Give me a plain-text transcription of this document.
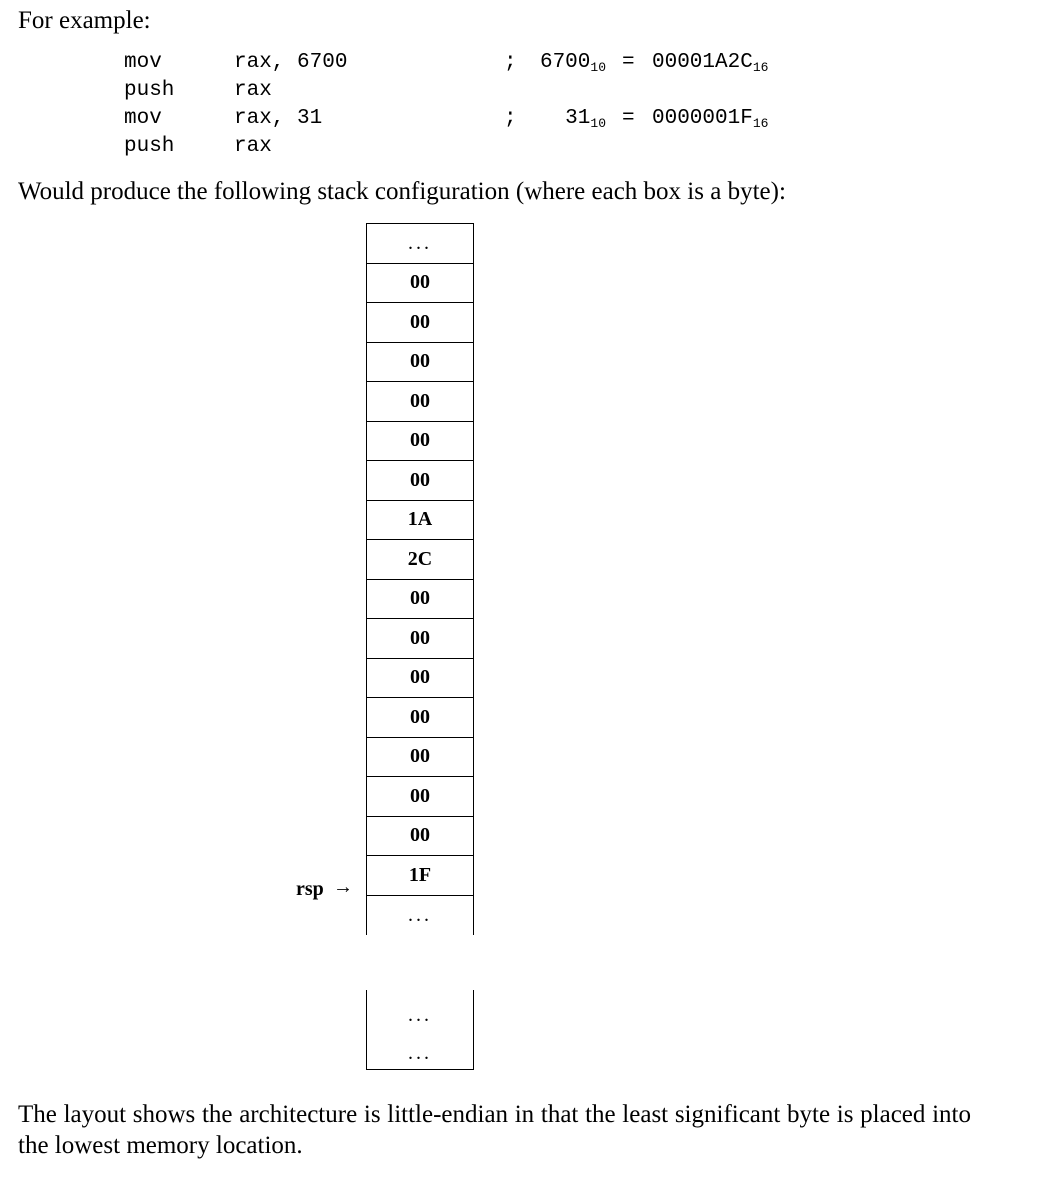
For example:
mov	rax, 6700	;	$6700_{10} = 00001A2C_{16}$
push	rax
mov	rax, 31	;	$31_{10} = 0000001F_{16}$
push	rax
Would produce the following stack configuration (where each box is a byte):
...
00
00
00
00
00
00
1A
2C
00
00
00
00
00
00
00
1F
...
...
...
rsp →
The layout shows the architecture is little-endian in that the least significant byte is placed into the lowest memory location.
